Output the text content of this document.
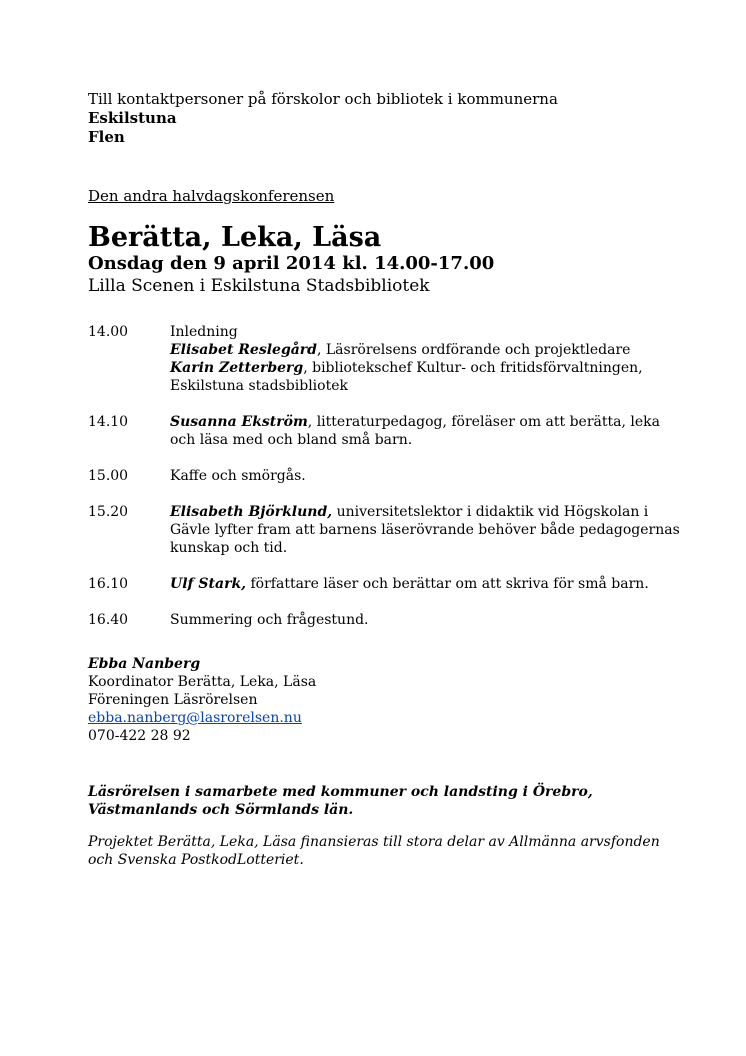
Till kontaktpersoner på förskolor och bibliotek i kommunerna

Eskilstuna

Flen

Den andra halvdagskonferensen

Berätta, Leka, Läsa

Onsdag den 9 april 2014 kl. 14.00-17.00

Lilla Scenen i Eskilstuna Stadsbibliotek

14.00	Inledning

Elisabet Reslegård, Läsrörelsens ordförande och projektledare

Karin Zetterberg, bibliotekschef Kultur- och fritidsförvaltningen, Eskilstuna stadsbibliotek

14.10	Susanna Ekström, litteraturpedagog, föreläser om att berätta, leka och läsa med och bland små barn.

15.00	Kaffe och smörgås.

15.20	Elisabeth Björklund, universitetslektor i didaktik vid Högskolan i Gävle lyfter fram att barnens läserövrande behöver både pedagogernas kunskap och tid.

16.10	Ulf Stark, författare läser och berättar om att skriva för små barn.

16.40	Summering och frågestund.

Ebba Nanberg

Koordinator Berätta, Leka, Läsa

Föreningen Läsrörelsen

ebba.nanberg@lasrorelsen.nu

070-422 28 92

Läsrörelsen i samarbete med kommuner och landsting i Örebro, Västmanlands och Sörmlands län.

Projektet Berätta, Leka, Läsa finansieras till stora delar av Allmänna arvsfonden och Svenska PostkodLotteriet.
